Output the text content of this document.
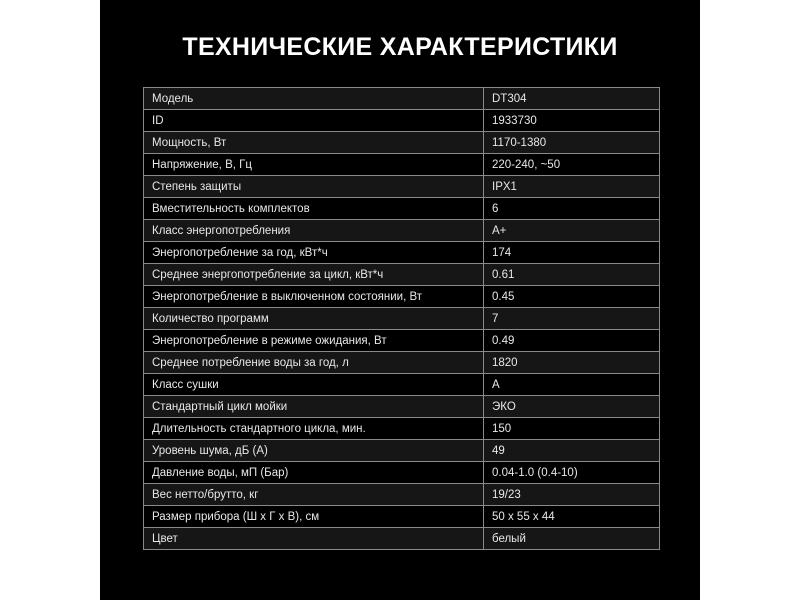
ТЕХНИЧЕСКИЕ ХАРАКТЕРИСТИКИ
Модель	DT304
ID	1933730
Мощность, Вт	1170-1380
Напряжение, В, Гц	220-240, ~50
Степень защиты	IPX1
Вместительность комплектов	6
Класс энергопотребления	A+
Энергопотребление за год, кВт*ч	174
Среднее энергопотребление за цикл, кВт*ч	0.61
Энергопотребление в выключенном состоянии, Вт	0.45
Количество программ	7
Энергопотребление в режиме ожидания, Вт	0.49
Среднее потребление воды за год, л	1820
Класс сушки	A
Стандартный цикл мойки	ЭКО
Длительность стандартного цикла, мин.	150
Уровень шума, дБ (А)	49
Давление воды, мП (Бар)	0.04-1.0 (0.4-10)
Вес нетто/брутто, кг	19/23
Размер прибора (Ш х Г х В), см	50 x 55 x 44
Цвет	белый
